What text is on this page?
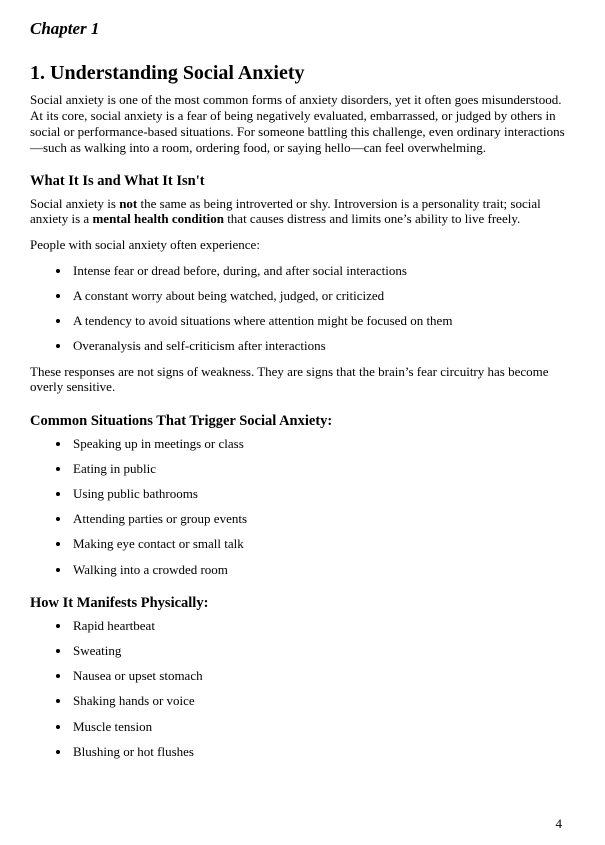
Chapter 1
1. Understanding Social Anxiety

Social anxiety is one of the most common forms of anxiety disorders, yet it often goes misunderstood. At its core, social anxiety is a fear of being negatively evaluated, embarrassed, or judged by others in social or performance-based situations. For someone battling this challenge, even ordinary interactions—such as walking into a room, ordering food, or saying hello—can feel overwhelming.

What It Is and What It Isn't

Social anxiety is not the same as being introverted or shy. Introversion is a personality trait; social anxiety is a mental health condition that causes distress and limits one’s ability to live freely.

People with social anxiety often experience:

• Intense fear or dread before, during, and after social interactions
• A constant worry about being watched, judged, or criticized
• A tendency to avoid situations where attention might be focused on them
• Overanalysis and self-criticism after interactions

These responses are not signs of weakness. They are signs that the brain’s fear circuitry has become overly sensitive.

Common Situations That Trigger Social Anxiety:
• Speaking up in meetings or class
• Eating in public
• Using public bathrooms
• Attending parties or group events
• Making eye contact or small talk
• Walking into a crowded room
How It Manifests Physically:
• Rapid heartbeat
• Sweating
• Nausea or upset stomach
• Shaking hands or voice
• Muscle tension
• Blushing or hot flushes
4
